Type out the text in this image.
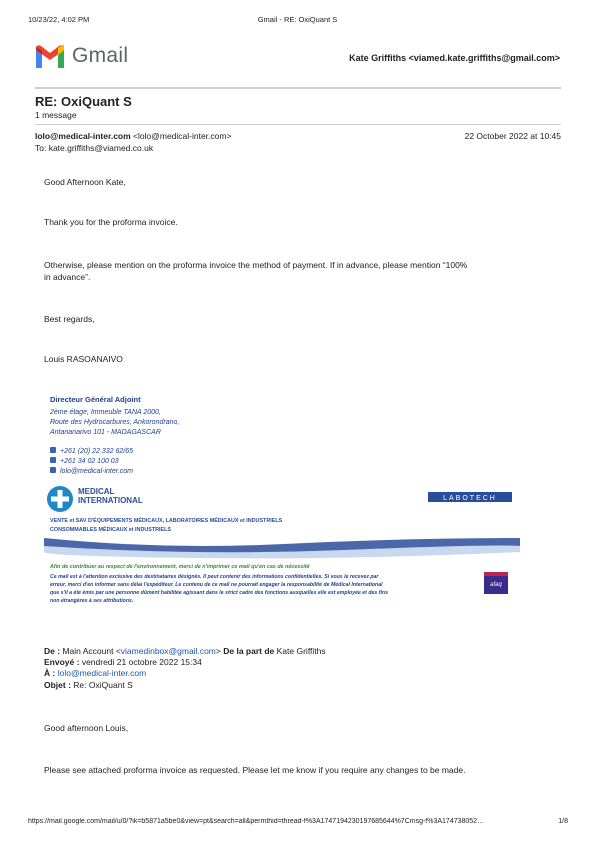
10/23/22, 4:02 PM	Gmail - RE: OxiQuant S
Gmail	Kate Griffiths <viamed.kate.griffiths@gmail.com>
RE: OxiQuant S
1 message
lolo@medical-inter.com <lolo@medical-inter.com>	22 October 2022 at 10:45
To: kate.griffiths@viamed.co.uk
Good Afternoon Kate,
Thank you for the proforma invoice.
Otherwise, please mention on the proforma invoice the method of payment. If in advance, please mention “100%
in advance”.
Best regards,
Louis RASOANAIVO
Directeur Général Adjoint
2ème étage, Immeuble TANA 2000,
Route des Hydrocarbures, Ankorondrano,
Antananarivo 101 - MADAGASCAR
+261 (20) 22 332 62/65
+261 34 02 100 03
lolo@medical-inter.com
MEDICAL
INTERNATIONAL	LABOTECH
VENTE et SAV D'ÉQUIPEMENTS MÉDICAUX, LABORATOIRES MÉDICAUX et INDUSTRIELS
CONSOMMABLES MÉDICAUX et INDUSTRIELS
Afin de contribuer au respect de l'environnement, merci de n'imprimer ce mail qu'en cas de nécessité
Ce mail est à l'attention exclusive des destinataires désignés. Il peut contenir des informations confidentielles. Si vous le recevez par
erreur, merci d'en informer sans délai l'expéditeur. Le contenu de ce mail ne pourrait engager la responsabilité de Médical International
que s'il a été émis par une personne dûment habilitée agissant dans le strict cadre des fonctions auxquelles elle est employée et des fins
non étrangères à ses attributions.
afaq
De : Main Account <viamedinbox@gmail.com> De la part de Kate Griffiths
Envoyé : vendredi 21 octobre 2022 15:34
À : lolo@medical-inter.com
Objet : Re: OxiQuant S
Good afternoon Louis,
Please see attached proforma invoice as requested. Please let me know if you require any changes to be made.
https://mail.google.com/mail/u/0/?ik=b5871a5be0&view=pt&search=all&permthid=thread-f%3A1747194230197685644%7Cmsg-f%3A174738052…	1/8
